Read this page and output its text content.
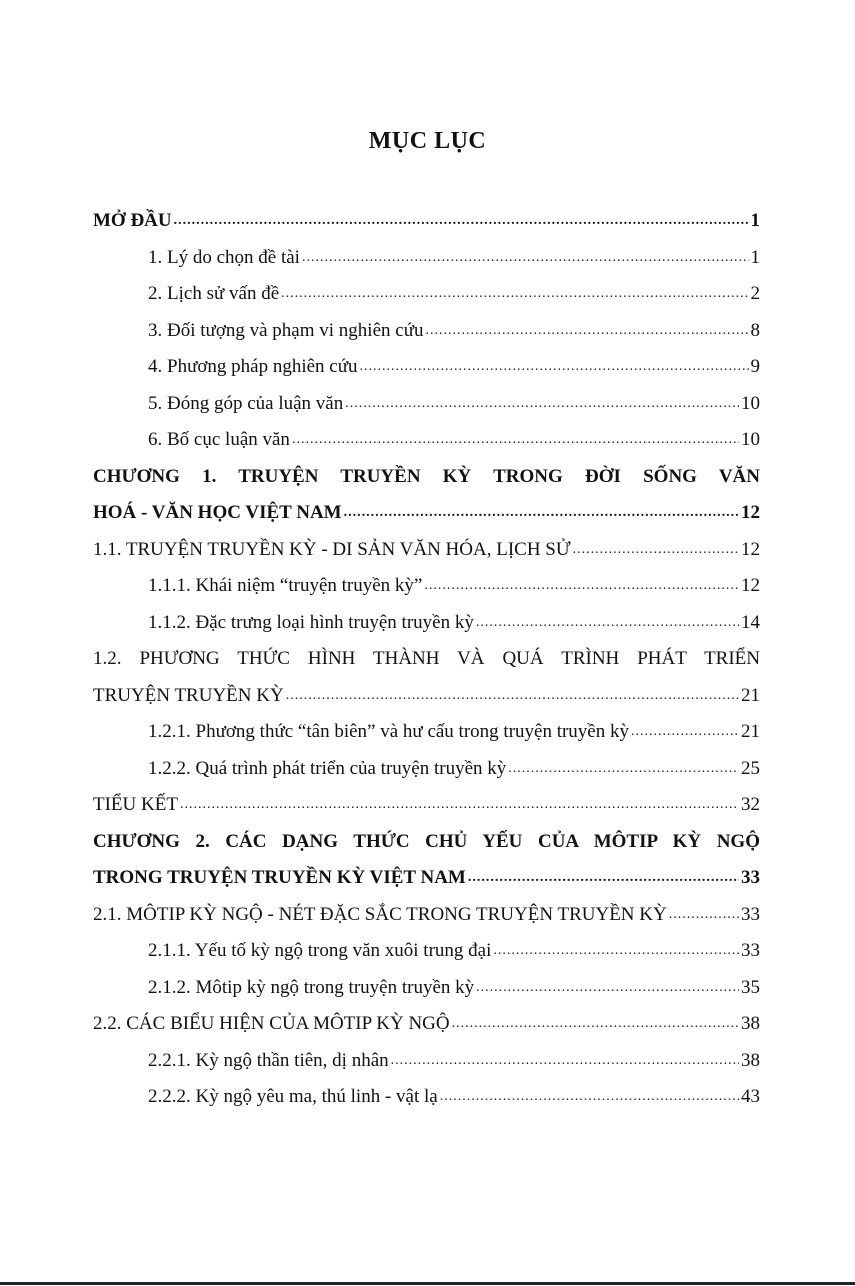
MỤC LỤC
MỞ ĐẦU .....	1
1. Lý do chọn đề tài .....	1
2. Lịch sử vấn đề .....	2
3. Đối tượng và phạm vi nghiên cứu .....	8
4. Phương pháp nghiên cứu .....	9
5. Đóng góp của luận văn .....	10
6. Bố cục luận văn .....	10
CHƯƠNG 1. TRUYỆN TRUYỀN KỲ TRONG ĐỜI SỐNG VĂN
HOÁ - VĂN HỌC VIỆT NAM .....	12
1.1. TRUYỆN TRUYỀN KỲ - DI SẢN VĂN HÓA, LỊCH SỬ .....	12
1.1.1. Khái niệm “truyện truyền kỳ” .....	12
1.1.2. Đặc trưng loại hình truyện truyền kỳ .....	14
1.2. PHƯƠNG THỨC HÌNH THÀNH VÀ QUÁ TRÌNH PHÁT TRIỂN
TRUYỆN TRUYỀN KỲ .....	21
1.2.1. Phương thức “tân biên” và hư cấu trong truyện truyền kỳ .....	21
1.2.2. Quá trình phát triển của truyện truyền kỳ .....	25
TIỂU KẾT .....	32
CHƯƠNG 2. CÁC DẠNG THỨC CHỦ YẾU CỦA MÔTIP KỲ NGỘ
TRONG TRUYỆN TRUYỀN KỲ VIỆT NAM .....	33
2.1. MÔTIP KỲ NGỘ - NÉT ĐẶC SẮC TRONG TRUYỆN TRUYỀN KỲ .....	33
2.1.1. Yếu tố kỳ ngộ trong văn xuôi trung đại .....	33
2.1.2. Môtip kỳ ngộ trong truyện truyền kỳ .....	35
2.2. CÁC BIỂU HIỆN CỦA MÔTIP KỲ NGỘ .....	38
2.2.1. Kỳ ngộ thần tiên, dị nhân .....	38
2.2.2. Kỳ ngộ yêu ma, thú linh - vật lạ .....	43
